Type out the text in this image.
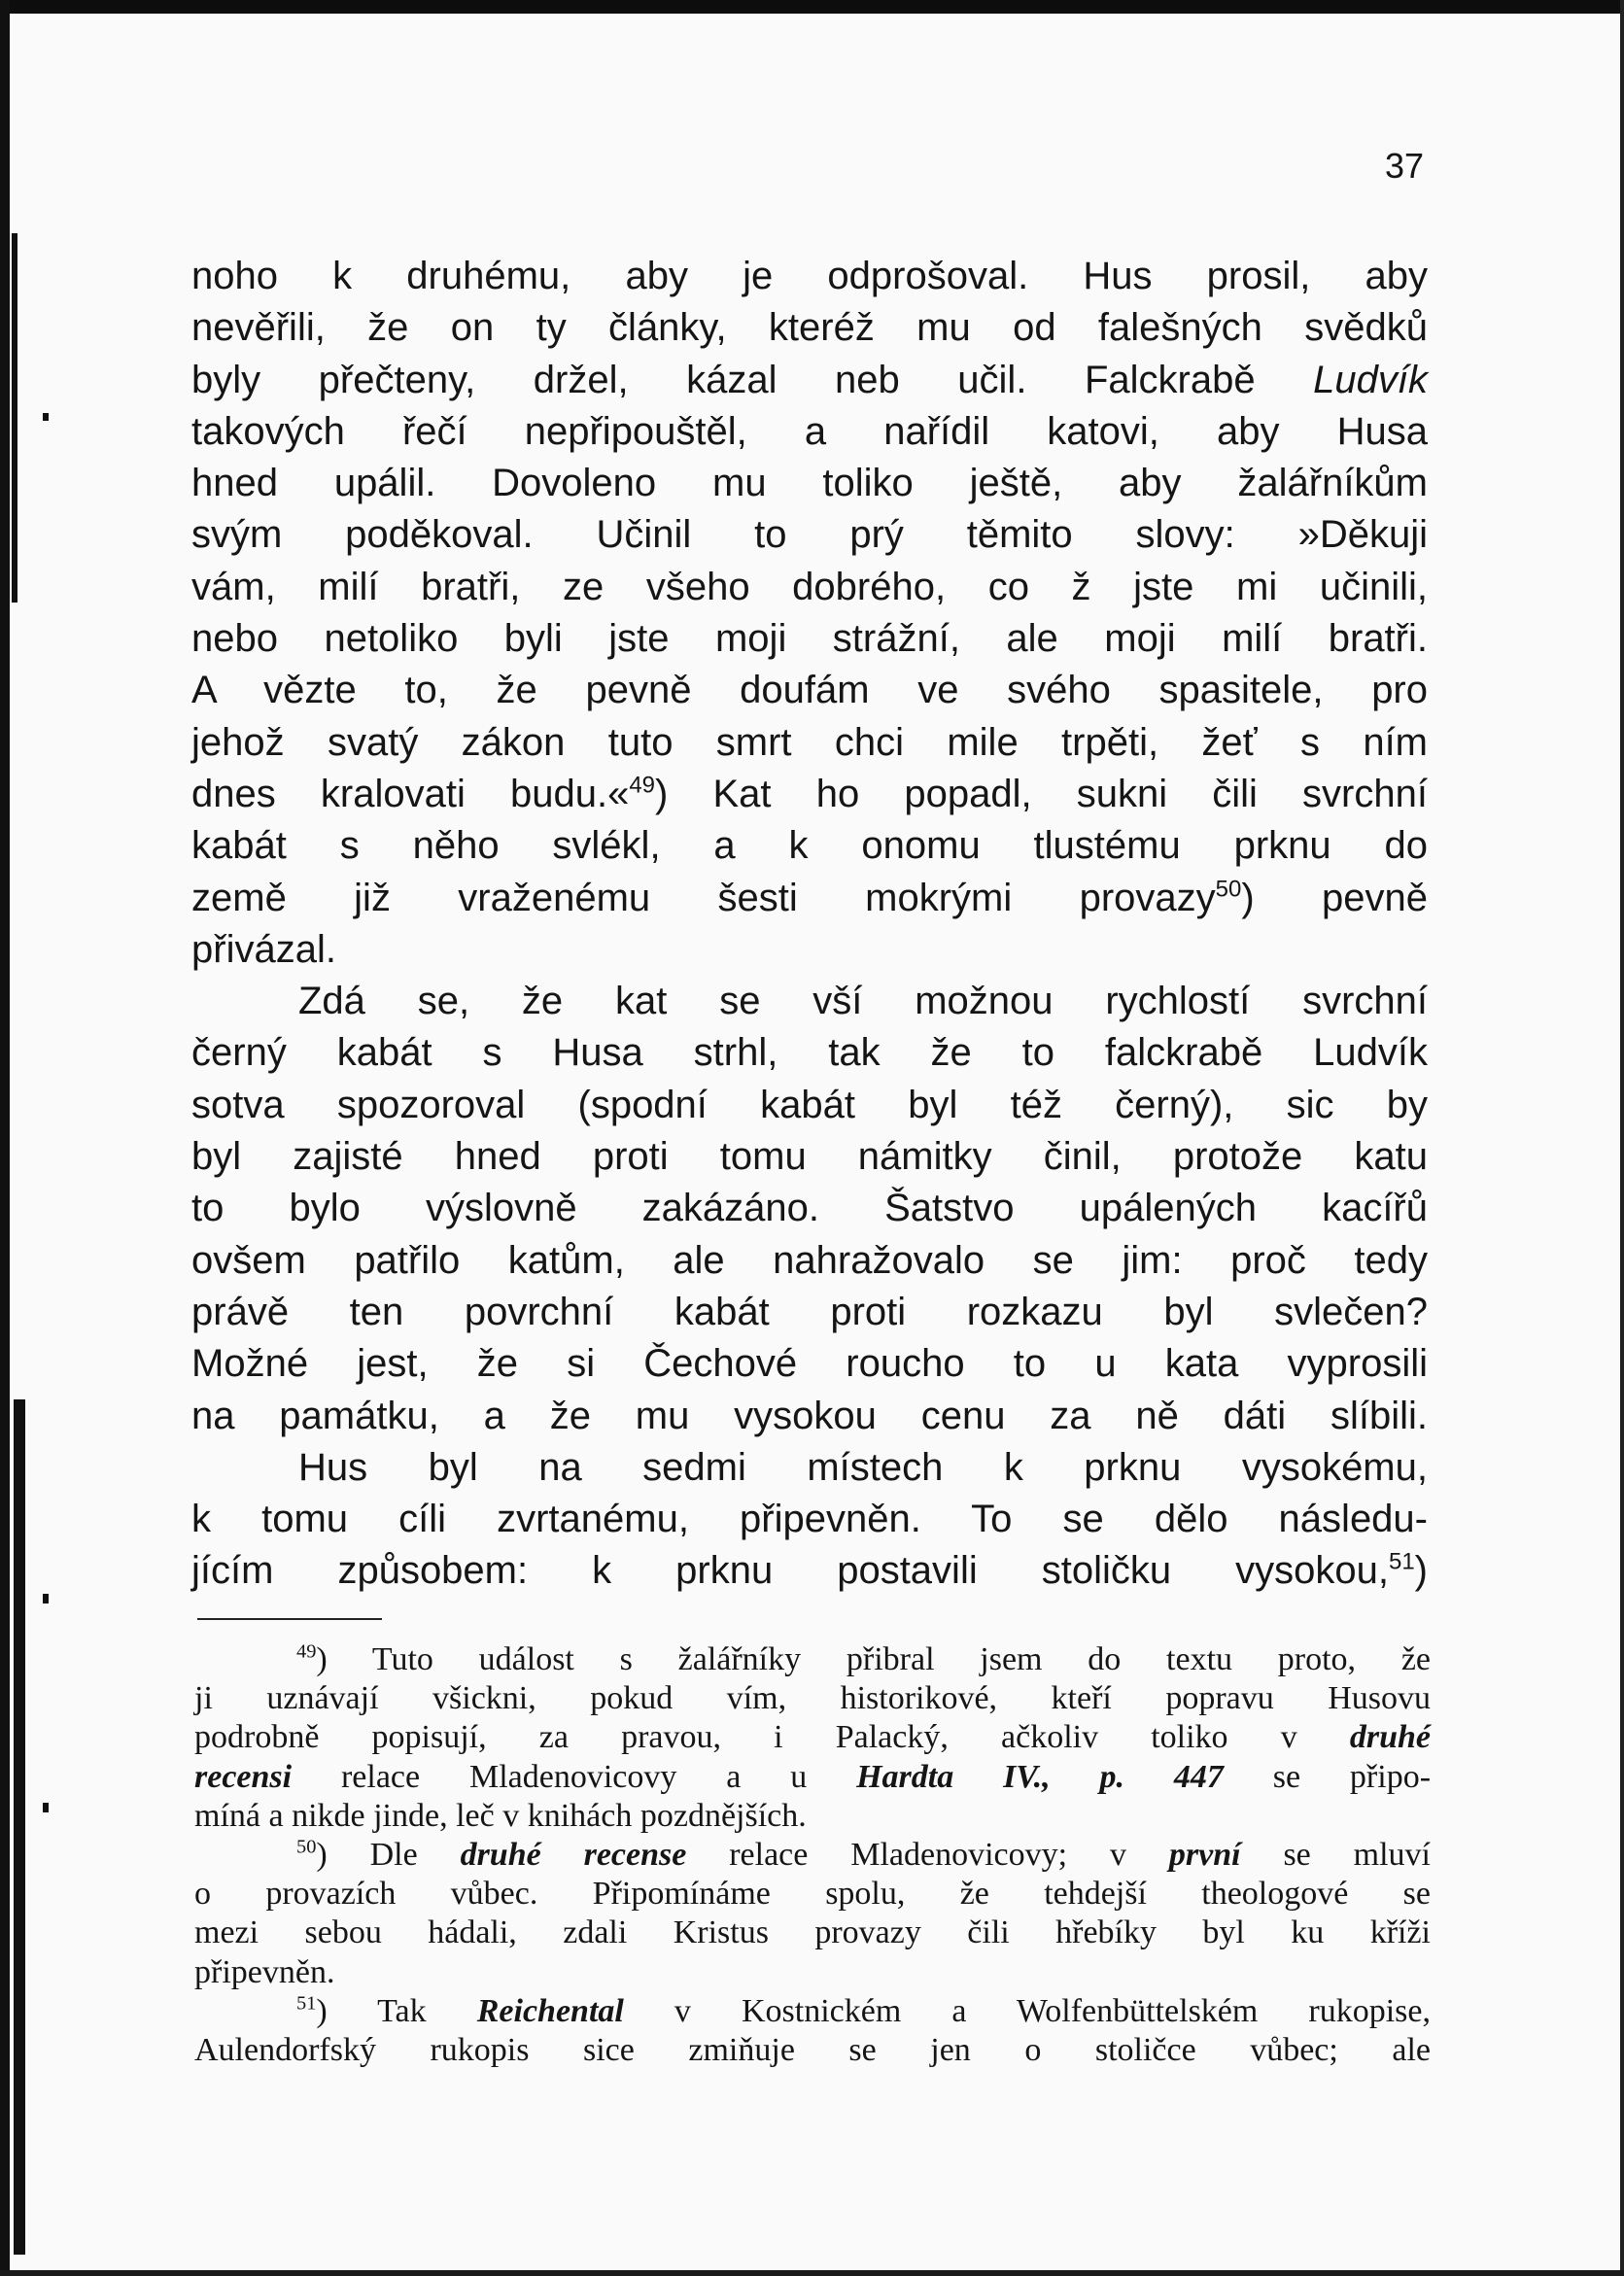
37
noho k druhému, aby je odprošoval. Hus prosil, aby
nevěřili, že on ty články, kteréž mu od falešných svědků
byly přečteny, držel, kázal neb učil. Falckrabě Ludvík
takových řečí nepřipouštěl, a nařídil katovi, aby Husa
hned upálil. Dovoleno mu toliko ještě, aby žalářníkům
svým poděkoval. Učinil to prý těmito slovy: »Děkuji
vám, milí bratři, ze všeho dobrého, co ž jste mi učinili,
nebo netoliko byli jste moji strážní, ale moji milí bratři.
A vězte to, že pevně doufám ve svého spasitele, pro
jehož svatý zákon tuto smrt chci mile trpěti, žeť s ním
dnes kralovati budu.«$^{49}$) Kat ho popadl, sukni čili svrchní
kabát s něho svlékl, a k onomu tlustému prknu do
země již vraženému šesti mokrými provazy$^{50}$) pevně
přivázal.
Zdá se, že kat se vší možnou rychlostí svrchní
černý kabát s Husa strhl, tak že to falckrabě Ludvík
sotva spozoroval (spodní kabát byl též černý), sic by
byl zajisté hned proti tomu námitky činil, protože katu
to bylo výslovně zakázáno. Šatstvo upálených kacířů
ovšem patřilo katům, ale nahražovalo se jim: proč tedy
právě ten povrchní kabát proti rozkazu byl svlečen?
Možné jest, že si Čechové roucho to u kata vyprosili
na památku, a že mu vysokou cenu za ně dáti slíbili.
Hus byl na sedmi místech k prknu vysokému,
k tomu cíli zvrtanému, připevněn. To se dělo následu-
jícím způsobem: k prknu postavili stoličku vysokou,$^{51}$)
$^{49}$) Tuto událost s žalářníky přibral jsem do textu proto, že
ji uznávají všickni, pokud vím, historikové, kteří popravu Husovu
podrobně popisují, za pravou, i Palacký, ačkoliv toliko v druhé
recensi relace Mladenovicovy a u Hardta IV., p. 447 se připo-
míná a nikde jinde, leč v knihách pozdnějších.
$^{50}$) Dle druhé recense relace Mladenovicovy; v první se mluví
o provazích vůbec. Připomínáme spolu, že tehdejší theologové se
mezi sebou hádali, zdali Kristus provazy čili hřebíky byl ku kříži
připevněn.
$^{51}$) Tak Reichental v Kostnickém a Wolfenbüttelském rukopise,
Aulendorfský rukopis sice zmiňuje se jen o stoličce vůbec; ale
